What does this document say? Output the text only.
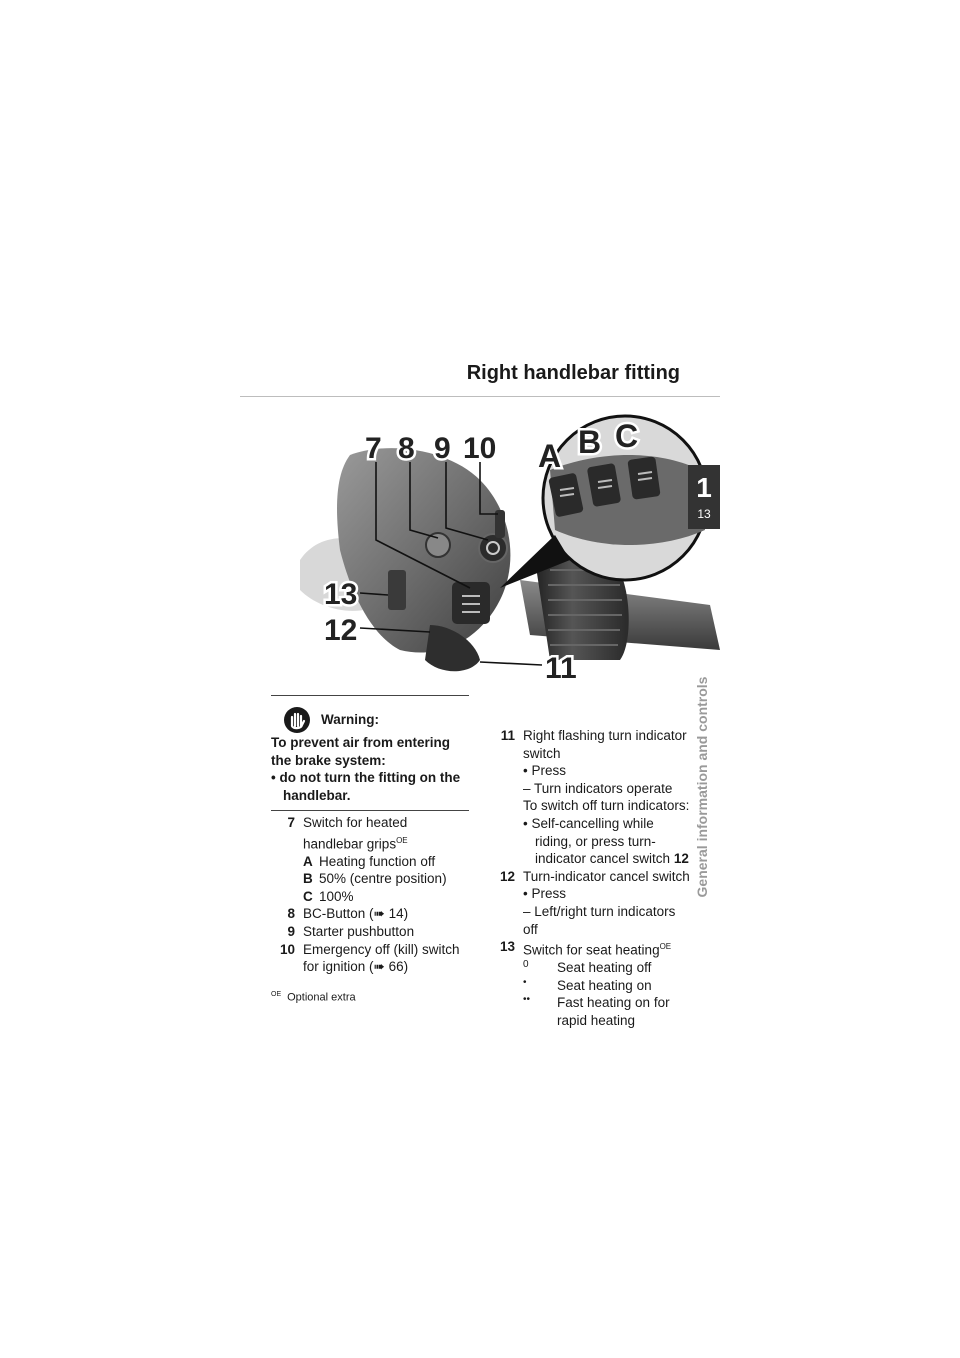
Right handlebar fitting
7 8 9 10
13
12
11
A B C
1
13
General information and controls
Warning:
To prevent air from entering the brake system:
• do not turn the fitting on the handlebar.
7 Switch for heated handlebar grips$^{OE}$
A Heating function off
B 50% (centre position)
C 100%
8 BC-Button (➠ 14)
9 Starter pushbutton
10 Emergency off (kill) switch for ignition (➠ 66)
11 Right flashing turn indicator switch
• Press
– Turn indicators operate
To switch off turn indicators:
• Self-cancelling while riding, or press turn-indicator cancel switch 12
12 Turn-indicator cancel switch
• Press
– Left/right turn indicators off
13 Switch for seat heating$^{OE}$
0	Seat heating off
•	Seat heating on
••	Fast heating on for rapid heating
$^{OE}$ Optional extra
